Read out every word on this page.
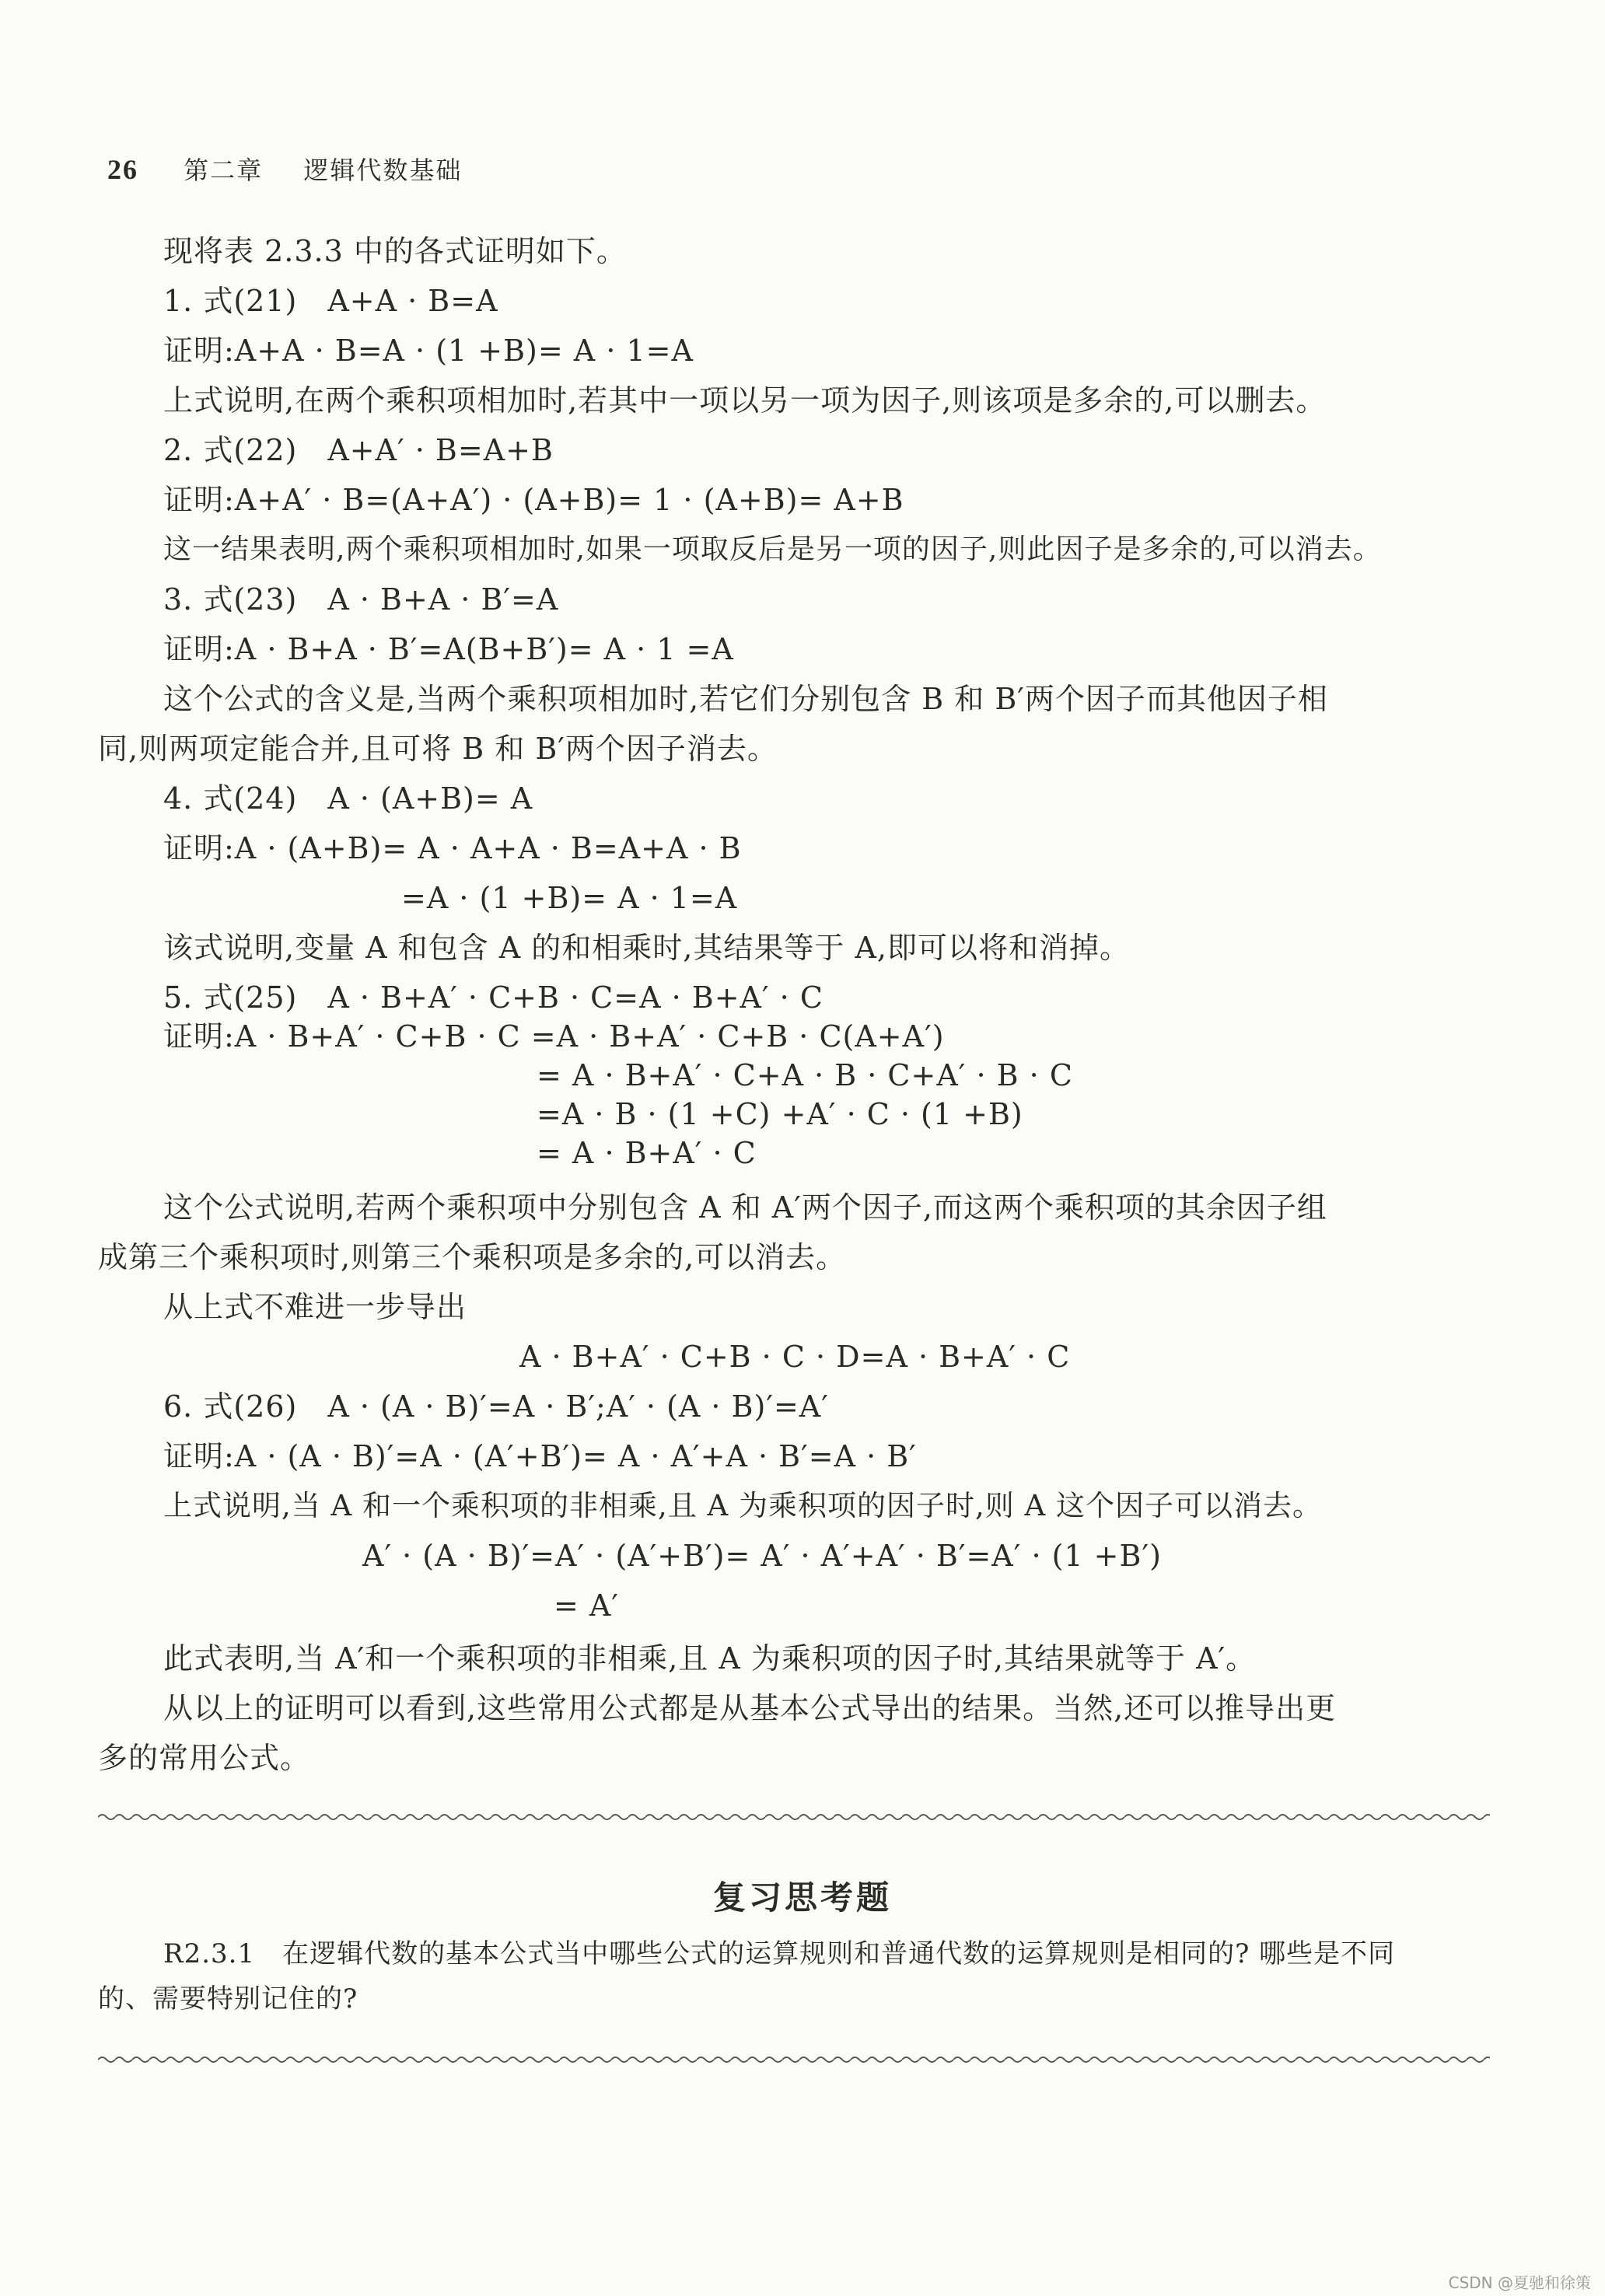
26 第二章 逻辑代数基础
现将表 2.3.3 中的各式证明如下。
1. 式(21)　A+A · B=A
证明:A+A · B=A · (1 +B)= A · 1=A
上式说明,在两个乘积项相加时,若其中一项以另一项为因子,则该项是多余的,可以删去。
2. 式(22)　A+A′ · B=A+B
证明:A+A′ · B=(A+A′) · (A+B)= 1 · (A+B)= A+B
这一结果表明,两个乘积项相加时,如果一项取反后是另一项的因子,则此因子是多余的,可以消去。
3. 式(23)　A · B+A · B′=A
证明:A · B+A · B′=A(B+B′)= A · 1 =A
这个公式的含义是,当两个乘积项相加时,若它们分别包含 B 和 B′两个因子而其他因子相
同,则两项定能合并,且可将 B 和 B′两个因子消去。
4. 式(24)　A · (A+B)= A
证明:A · (A+B)= A · A+A · B=A+A · B
=A · (1 +B)= A · 1=A
该式说明,变量 A 和包含 A 的和相乘时,其结果等于 A,即可以将和消掉。
5. 式(25)　A · B+A′ · C+B · C=A · B+A′ · C
证明:A · B+A′ · C+B · C =A · B+A′ · C+B · C(A+A′)
= A · B+A′ · C+A · B · C+A′ · B · C
=A · B · (1 +C) +A′ · C · (1 +B)
= A · B+A′ · C
这个公式说明,若两个乘积项中分别包含 A 和 A′两个因子,而这两个乘积项的其余因子组
成第三个乘积项时,则第三个乘积项是多余的,可以消去。
从上式不难进一步导出
A · B+A′ · C+B · C · D=A · B+A′ · C
6. 式(26)　A · (A · B)′=A · B′;A′ · (A · B)′=A′
证明:A · (A · B)′=A · (A′+B′)= A · A′+A · B′=A · B′
上式说明,当 A 和一个乘积项的非相乘,且 A 为乘积项的因子时,则 A 这个因子可以消去。
A′ · (A · B)′=A′ · (A′+B′)= A′ · A′+A′ · B′=A′ · (1 +B′)
= A′
此式表明,当 A′和一个乘积项的非相乘,且 A 为乘积项的因子时,其结果就等于 A′。
从以上的证明可以看到,这些常用公式都是从基本公式导出的结果。当然,还可以推导出更
多的常用公式。
复习思考题
R2.3.1　在逻辑代数的基本公式当中哪些公式的运算规则和普通代数的运算规则是相同的? 哪些是不同
的、需要特别记住的?
CSDN @夏驰和徐策
